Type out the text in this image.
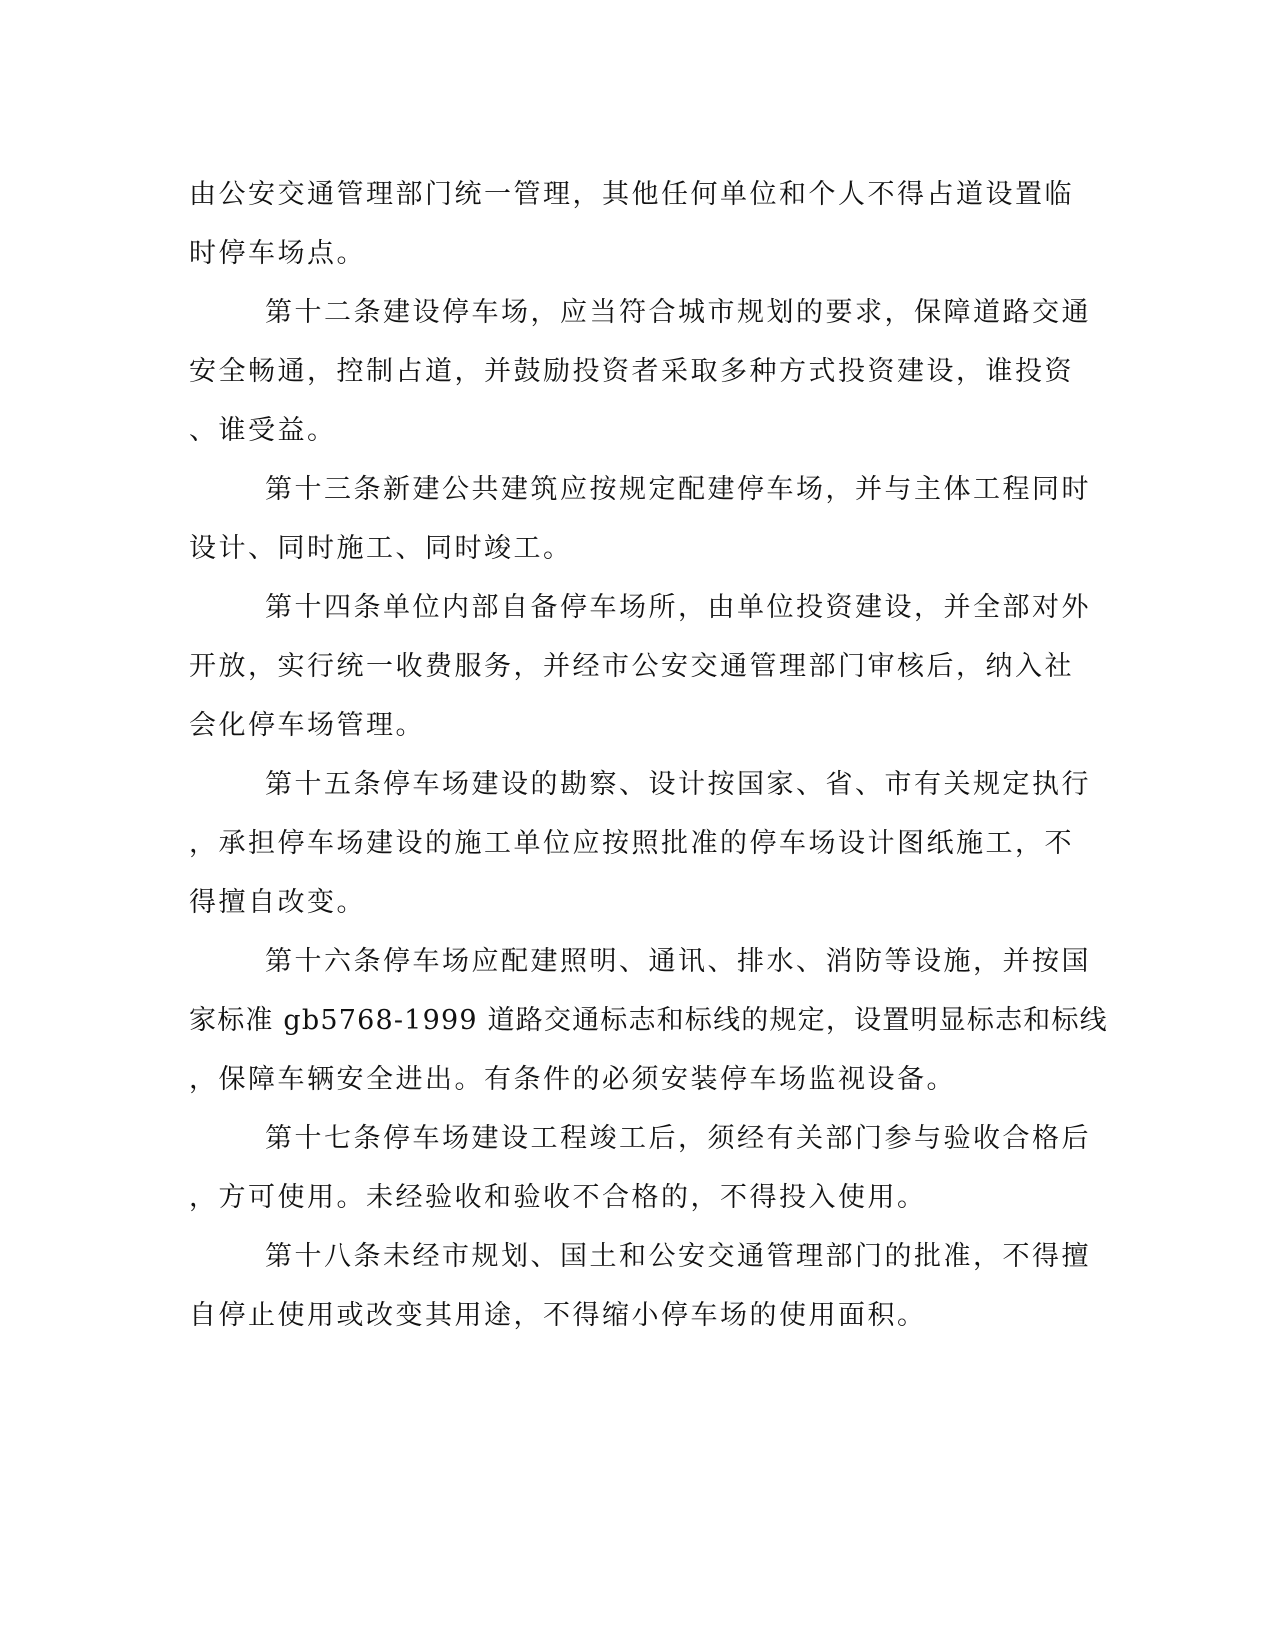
由公安交通管理部门统一管理，其他任何单位和个人不得占道设置临
时停车场点。
第十二条建设停车场，应当符合城市规划的要求，保障道路交通
安全畅通，控制占道，并鼓励投资者采取多种方式投资建设，谁投资
、谁受益。
第十三条新建公共建筑应按规定配建停车场，并与主体工程同时
设计、同时施工、同时竣工。
第十四条单位内部自备停车场所，由单位投资建设，并全部对外
开放，实行统一收费服务，并经市公安交通管理部门审核后，纳入社
会化停车场管理。
第十五条停车场建设的勘察、设计按国家、省、市有关规定执行
，承担停车场建设的施工单位应按照批准的停车场设计图纸施工，不
得擅自改变。
第十六条停车场应配建照明、通讯、排水、消防等设施，并按国
家标准 gb5768-1999 道路交通标志和标线的规定，设置明显标志和标线
，保障车辆安全进出。有条件的必须安装停车场监视设备。
第十七条停车场建设工程竣工后，须经有关部门参与验收合格后
，方可使用。未经验收和验收不合格的，不得投入使用。
第十八条未经市规划、国土和公安交通管理部门的批准，不得擅
自停止使用或改变其用途，不得缩小停车场的使用面积。
